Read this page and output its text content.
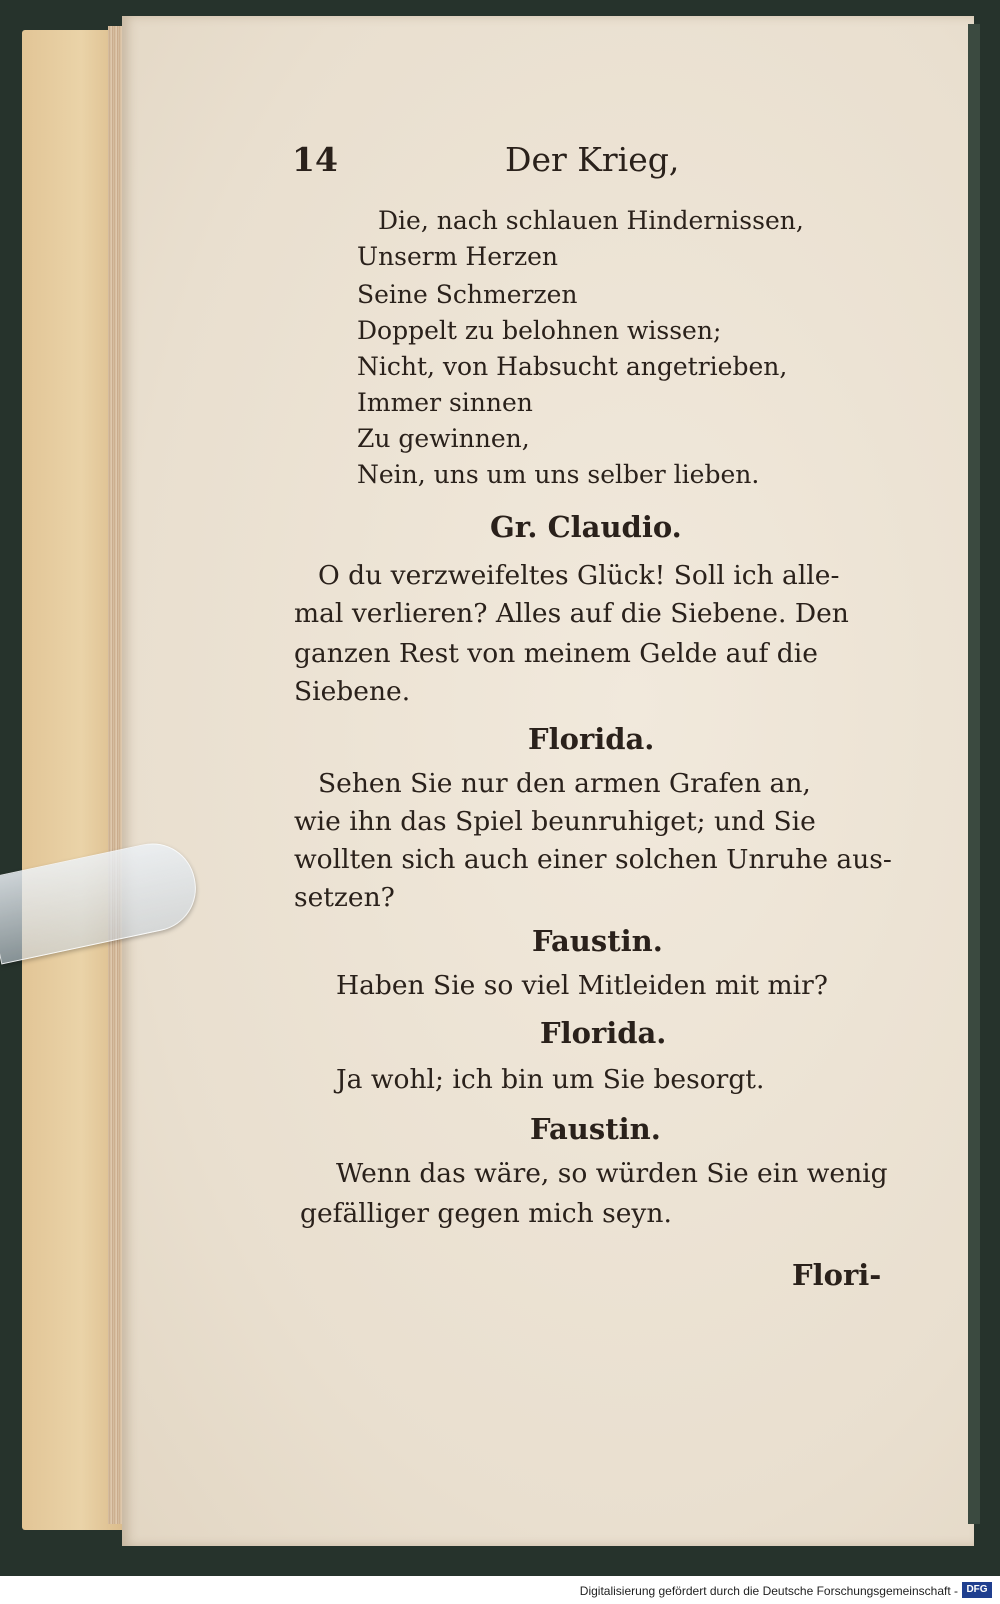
14	Der Krieg,
Die, nach schlauen Hindernissen,
Unserm Herzen
Seine Schmerzen
Doppelt zu belohnen wissen;
Nicht, von Habsucht angetrieben,
Immer sinnen
Zu gewinnen,
Nein, uns um uns selber lieben.
Gr. Claudio.
O du verzweifeltes Glück! Soll ich alle-
mal verlieren? Alles auf die Siebene. Den
ganzen Rest von meinem Gelde auf die
Siebene.
Florida.
Sehen Sie nur den armen Grafen an,
wie ihn das Spiel beunruhiget; und Sie
wollten sich auch einer solchen Unruhe aus-
setzen?
Faustin.
Haben Sie so viel Mitleiden mit mir?
Florida.
Ja wohl; ich bin um Sie besorgt.
Faustin.
Wenn das wäre, so würden Sie ein wenig
gefälliger gegen mich seyn.
Flori-
Digitalisierung gefördert durch die Deutsche Forschungsgemeinschaft - DFG
